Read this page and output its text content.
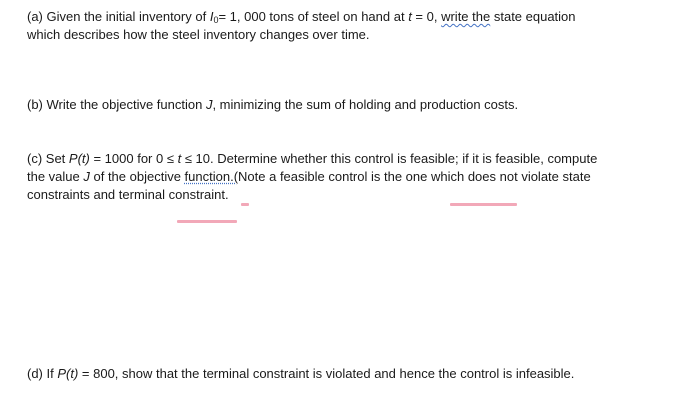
(a) Given the initial inventory of $I_0= 1$, 000 tons of steel on hand at t = 0, write the state equation
which describes how the steel inventory changes over time.
(b) Write the objective function J, minimizing the sum of holding and production costs.
(c) Set P(t) = 1000 for 0 ≤ t ≤ 10. Determine whether this control is feasible; if it is feasible, compute
the value J of the objective function.(Note a feasible control is the one which does not violate state
constraints and terminal constraint.
(d) If P(t) = 800, show that the terminal constraint is violated and hence the control is infeasible.
